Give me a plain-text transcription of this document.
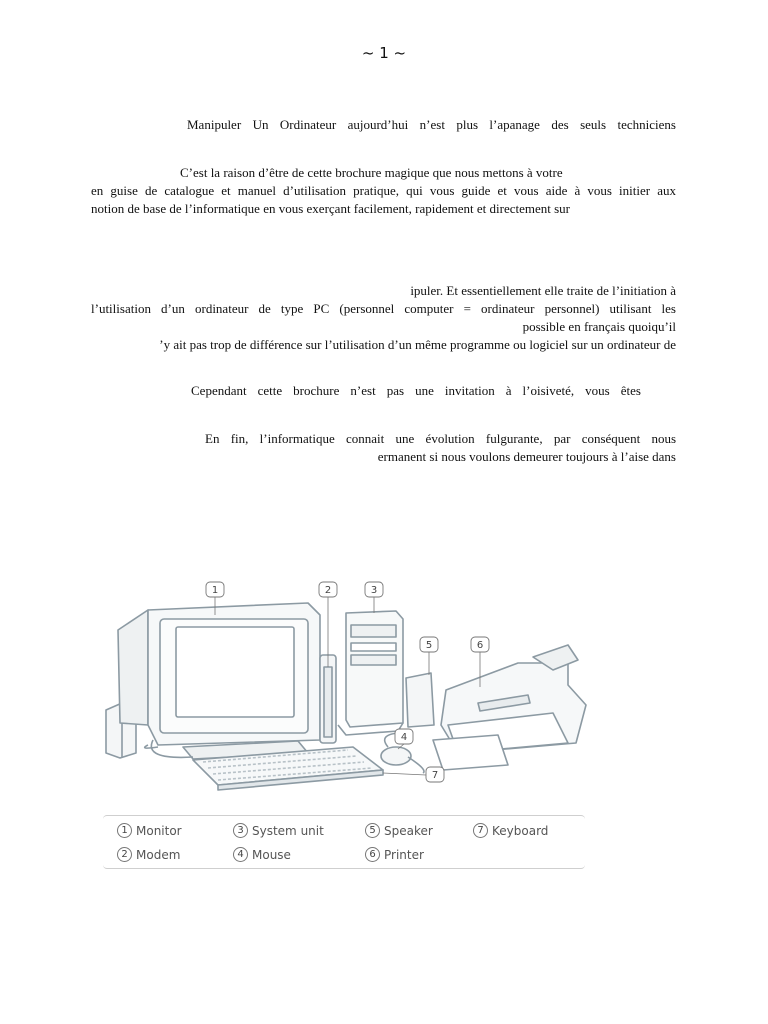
~ 1 ~
Manipuler Un Ordinateur aujourd’hui n’est plus l’apanage des seuls techniciens
C’est la raison d’être de cette brochure magique que nous mettons à votre
en guise de catalogue et manuel d’utilisation pratique, qui vous guide et vous aide à vous initier aux
notion de base de l’informatique en vous exerçant facilement, rapidement et directement sur
ipuler. Et essentiellement elle traite de l’initiation à
l’utilisation d’un ordinateur de type PC (personnel computer = ordinateur personnel) utilisant les
possible en français quoiqu’il
’y ait pas trop de différence sur l’utilisation d’un même programme ou logiciel sur un ordinateur de
Cependant cette brochure n’est pas une invitation à l’oisiveté, vous êtes
En fin, l’informatique connait une évolution fulgurante, par conséquent nous
ermanent si nous voulons demeurer toujours à l’aise dans
1	2	3
5	6
4
7
1 Monitor	3 System unit	5 Speaker	7 Keyboard
2 Modem	4 Mouse	6 Printer
